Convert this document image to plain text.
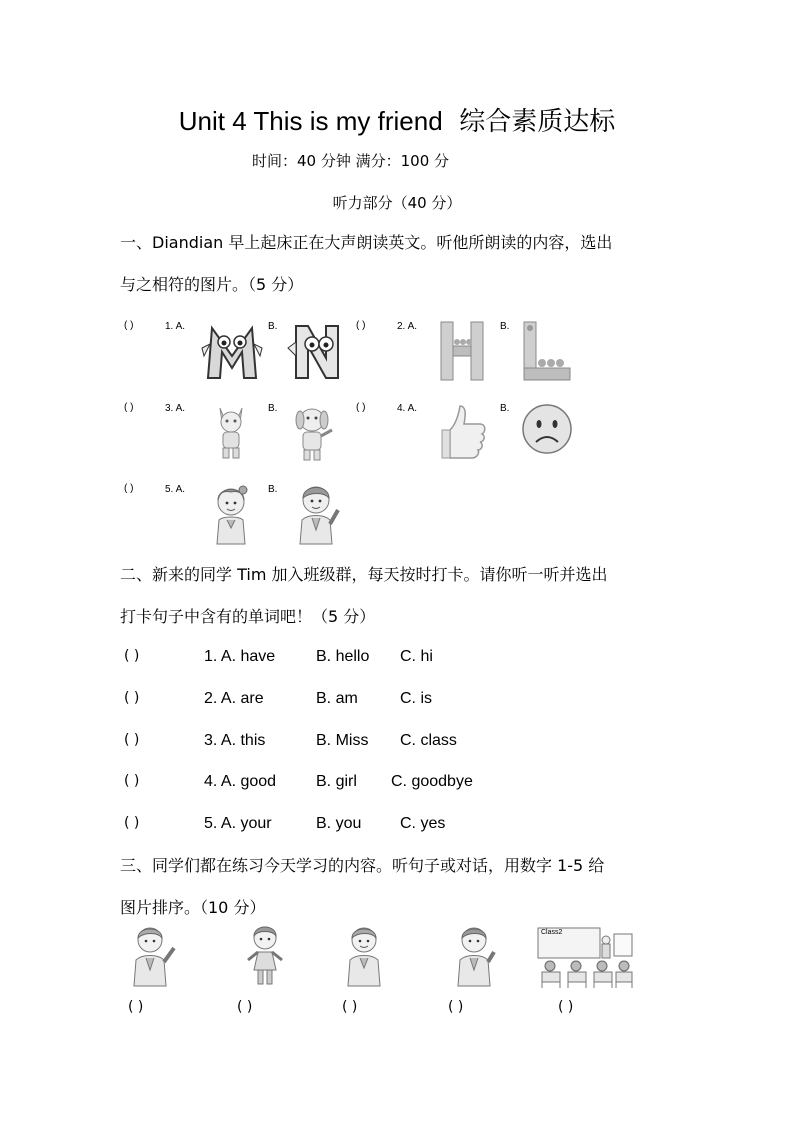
Unit 4 This is my friend 综合素质达标
时间：40 分钟 满分：100 分
听力部分（40 分）
一、Diandian 早上起床正在大声朗读英文。听他所朗读的内容，选出
与之相符的图片。（5 分）
( )	1. A.	B.	( )	2. A.	B.
( )	3. A.	B.	( )	4. A.	B.
( )	5. A.	B.
二、新来的同学 Tim 加入班级群，每天按时打卡。请你听一听并选出
打卡句子中含有的单词吧！（5 分）
( )	1. A. have	B. hello C. hi
( )	2. A. are	B. am	C. is
( )	3. A. this	B. Miss C. class
( )	4. A. good B. girl C. goodbye
( )	5. A. your	B. you C. yes
三、同学们都在练习今天学习的内容。听句子或对话，用数字 1-5 给
图片排序。（10 分）
Class2
( )	( )	( )	( )	( )
